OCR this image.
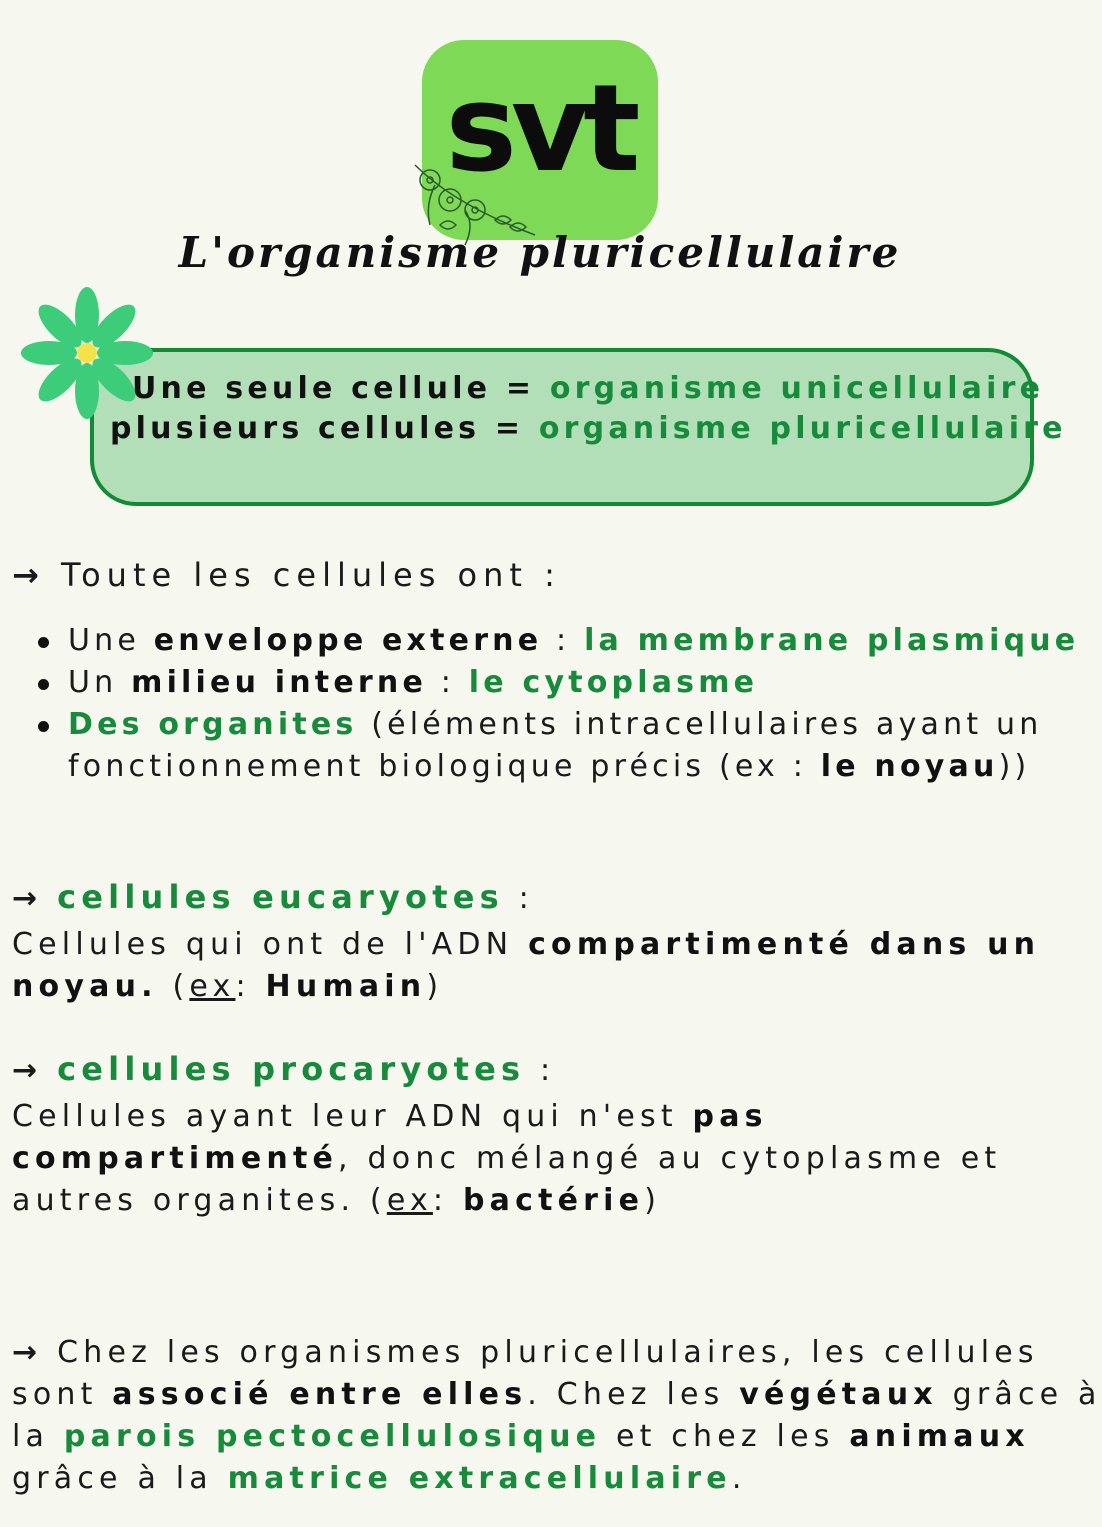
svt
L'organisme pluricellulaire
Une seule cellule = organisme unicellulaire
plusieurs cellules = organisme pluricellulaire
→ Toute les cellules ont :
Une enveloppe externe : la membrane plasmique
Un milieu interne : le cytoplasme
Des organites (éléments intracellulaires ayant un
fonctionnement biologique précis (ex : le noyau))
→ cellules eucaryotes :
Cellules qui ont de l'ADN compartimenté dans un
noyau. (ex: Humain)
→ cellules procaryotes :
Cellules ayant leur ADN qui n'est pas
compartimenté, donc mélangé au cytoplasme et
autres organites. (ex: bactérie)
→ Chez les organismes pluricellulaires, les cellules
sont associé entre elles. Chez les végétaux grâce à
la parois pectocellulosique et chez les animaux
grâce à la matrice extracellulaire.
